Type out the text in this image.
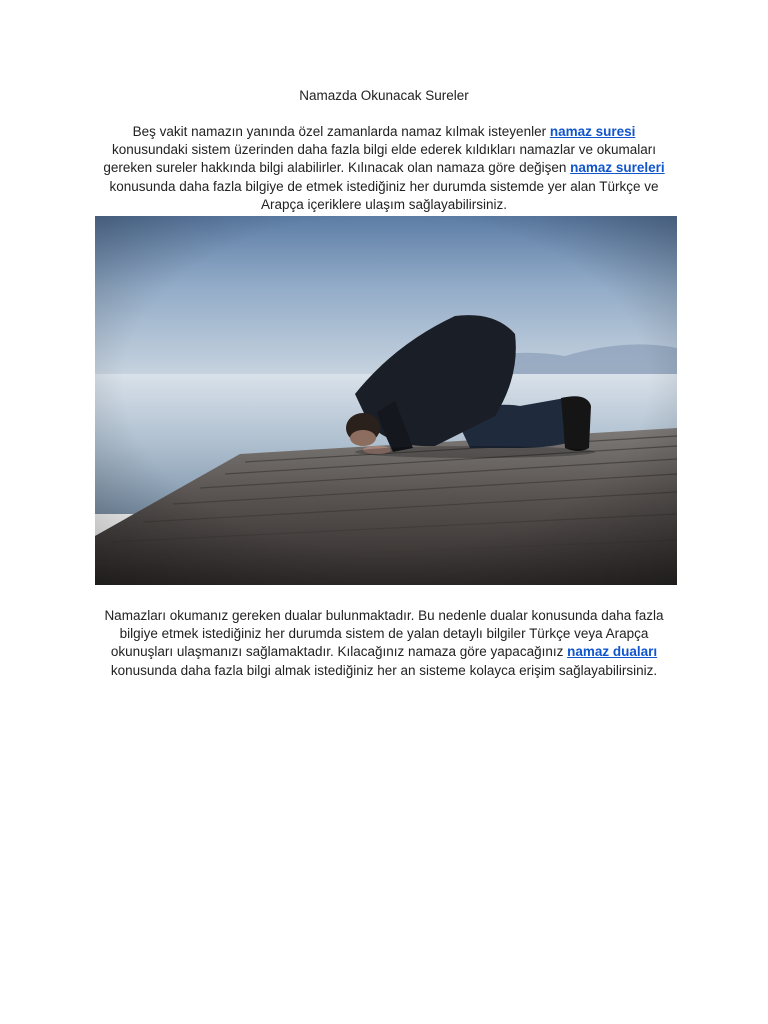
Namazda Okunacak Sureler
Beş vakit namazın yanında özel zamanlarda namaz kılmak isteyenler namaz suresi konusundaki sistem üzerinden daha fazla bilgi elde ederek kıldıkları namazlar ve okumaları gereken sureler hakkında bilgi alabilirler. Kılınacak olan namaza göre değişen namaz sureleri konusunda daha fazla bilgiye de etmek istediğiniz her durumda sistemde yer alan Türkçe ve Arapça içeriklere ulaşım sağlayabilirsiniz.
Namazları okumanız gereken dualar bulunmaktadır. Bu nedenle dualar konusunda daha fazla bilgiye etmek istediğiniz her durumda sistem de yalan detaylı bilgiler Türkçe veya Arapça okunuşları ulaşmanızı sağlamaktadır. Kılacağınız namaza göre yapacağınız namaz duaları konusunda daha fazla bilgi almak istediğiniz her an sisteme kolayca erişim sağlayabilirsiniz.
